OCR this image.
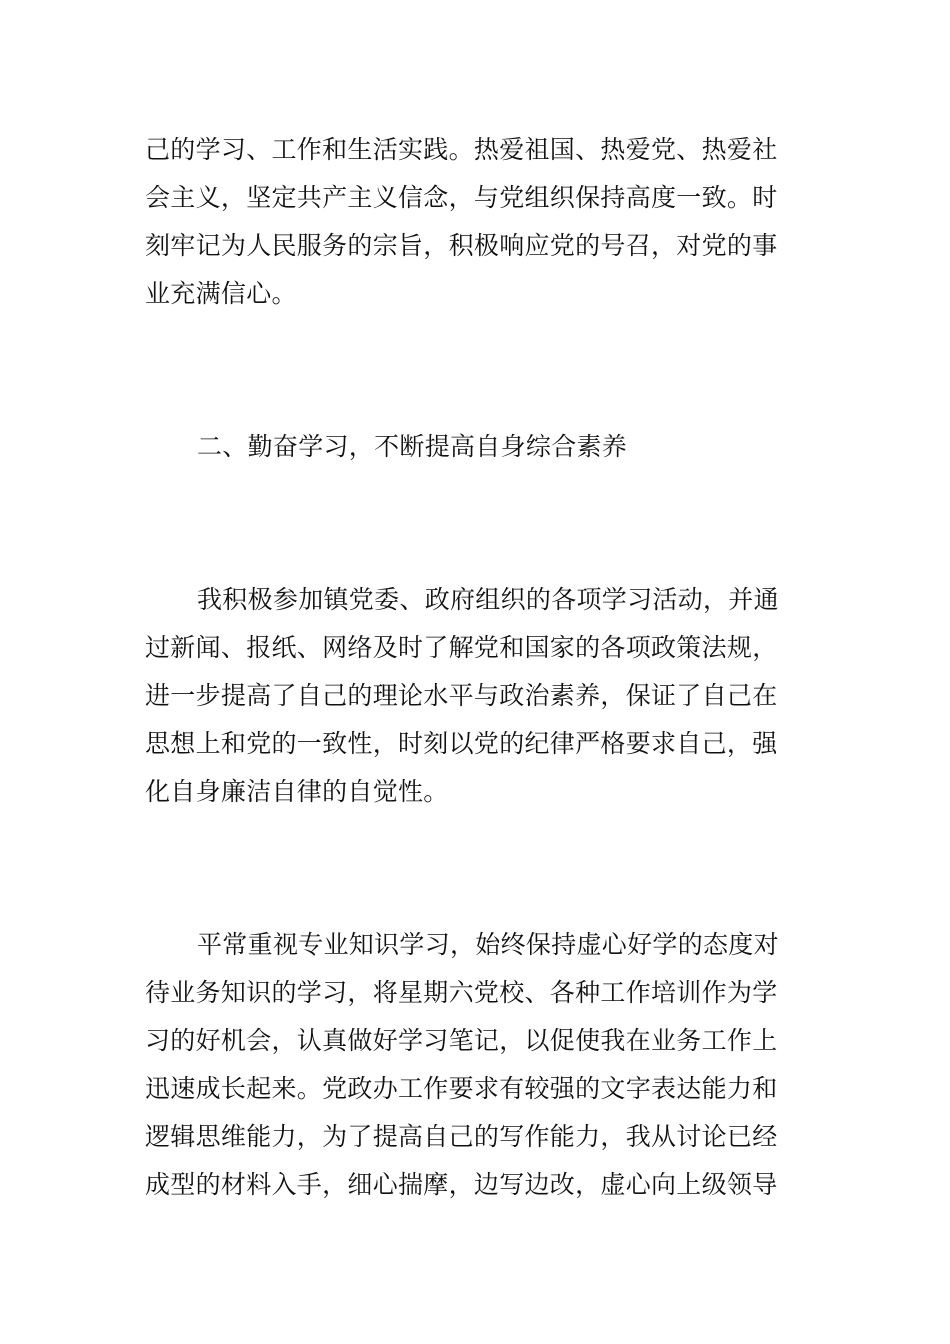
己的学习、工作和生活实践。热爱祖国、热爱党、热爱社

会主义，坚定共产主义信念，与党组织保持高度一致。时

刻牢记为人民服务的宗旨，积极响应党的号召，对党的事

业充满信心。

二、勤奋学习，不断提高自身综合素养

我积极参加镇党委、政府组织的各项学习活动，并通

过新闻、报纸、网络及时了解党和国家的各项政策法规，

进一步提高了自己的理论水平与政治素养，保证了自己在

思想上和党的一致性，时刻以党的纪律严格要求自己，强

化自身廉洁自律的自觉性。

平常重视专业知识学习，始终保持虚心好学的态度对

待业务知识的学习，将星期六党校、各种工作培训作为学

习的好机会，认真做好学习笔记，以促使我在业务工作上

迅速成长起来。党政办工作要求有较强的文字表达能力和

逻辑思维能力，为了提高自己的写作能力，我从讨论已经

成型的材料入手，细心揣摩，边写边改，虚心向上级领导
